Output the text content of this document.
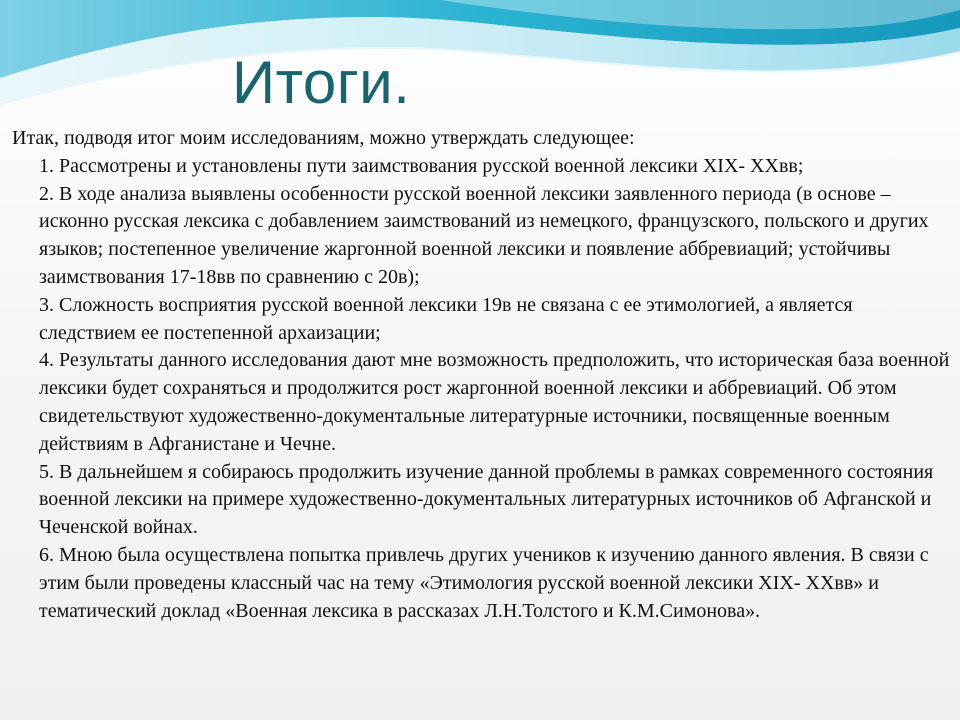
Итоги.

Итак, подводя итог моим исследованиям, можно утверждать следующее:

1. Рассмотрены и установлены пути заимствования русской военной лексики XIX- XXвв;

2. В ходе анализа выявлены особенности русской военной лексики заявленного периода (в основе – исконно русская лексика с добавлением заимствований из немецкого, французского, польского и других языков; постепенное увеличение жаргонной военной лексики и появление аббревиаций; устойчивы заимствования 17-18вв по сравнению с 20в);

3. Сложность восприятия русской военной лексики 19в не связана с ее этимологией, а является следствием ее постепенной архаизации;

4. Результаты данного исследования дают мне возможность предположить, что историческая база военной лексики будет сохраняться и продолжится рост жаргонной военной лексики и аббревиаций. Об этом свидетельствуют художественно-документальные литературные источники, посвященные военным действиям в Афганистане и Чечне.

5. В дальнейшем я собираюсь продолжить изучение данной проблемы в рамках современного состояния военной лексики на примере художественно-документальных литературных источников об Афганской и Чеченской войнах.

6. Мною была осуществлена попытка привлечь других учеников к изучению данного явления. В связи с этим были проведены классный час на тему «Этимология русской военной лексики XIX- XXвв» и тематический доклад «Военная лексика в рассказах Л.Н.Толстого и К.М.Симонова».
